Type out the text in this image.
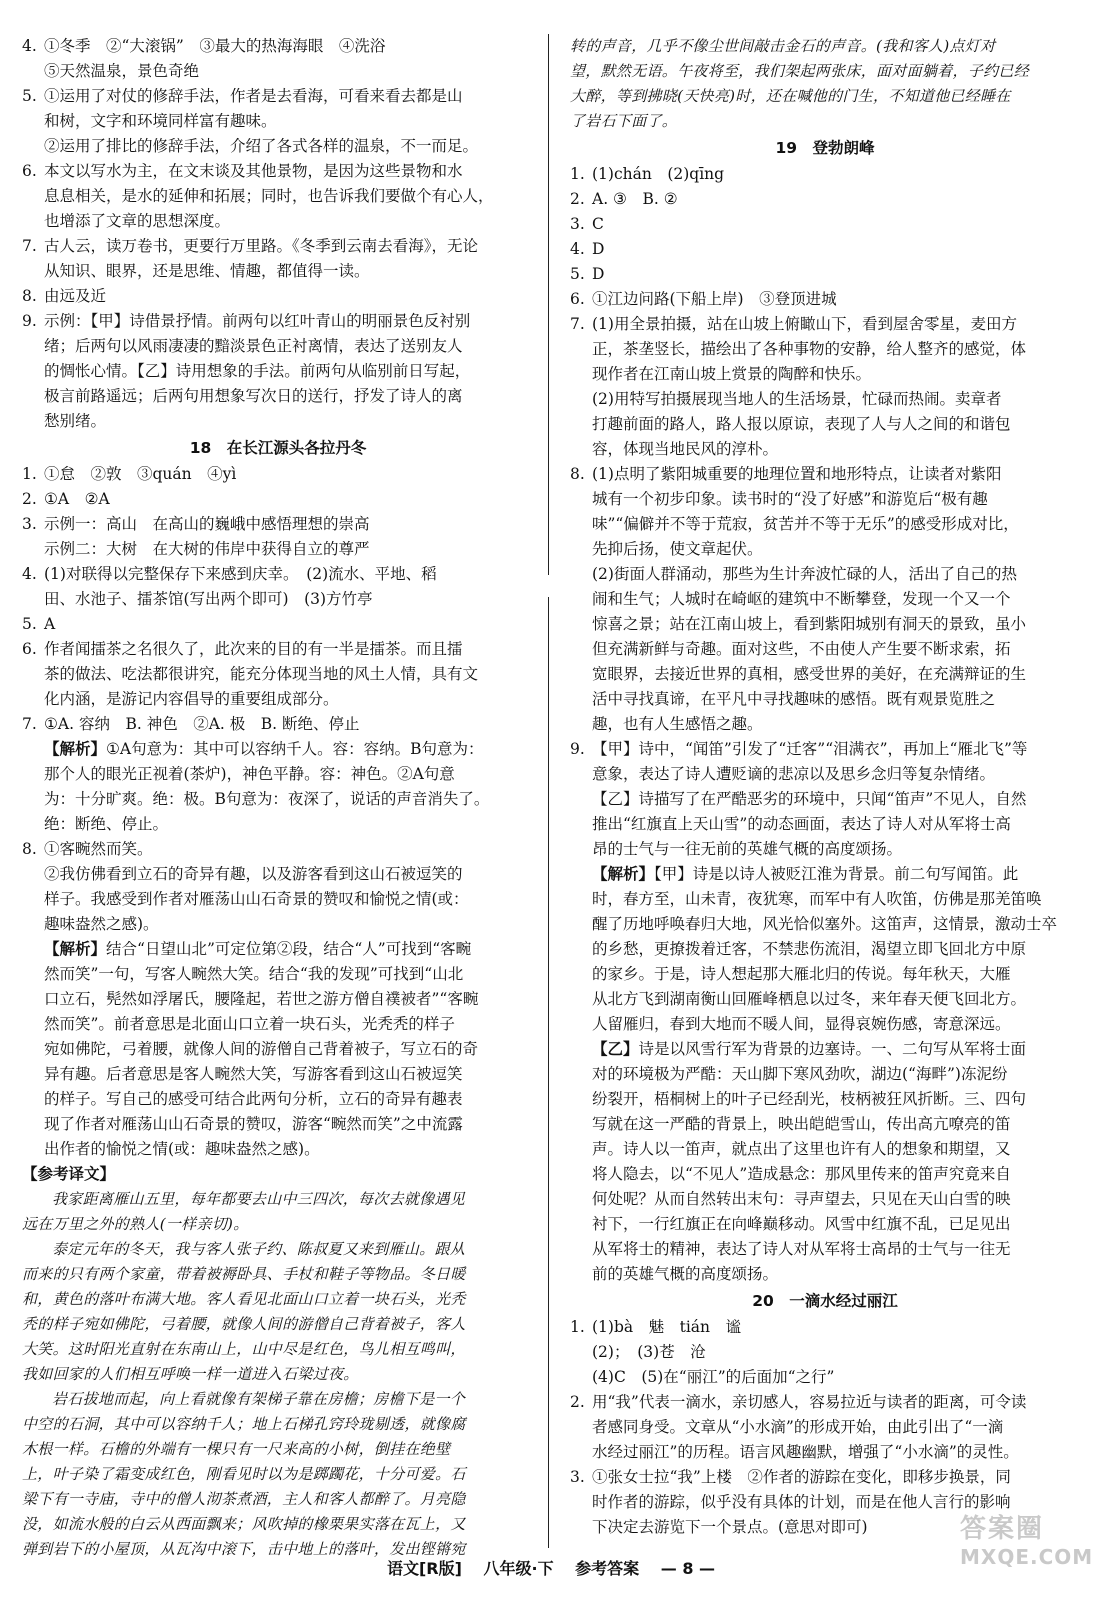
4. ①冬季　②“大滚锅”　③最大的热海海眼　④洗浴
⑤天然温泉，景色奇绝
5. ①运用了对仗的修辞手法，作者是去看海，可看来看去都是山
和树，文字和环境同样富有趣味。
②运用了排比的修辞手法，介绍了各式各样的温泉，不一而足。
6. 本文以写水为主，在文末谈及其他景物，是因为这些景物和水
息息相关，是水的延伸和拓展；同时，也告诉我们要做个有心人，
也增添了文章的思想深度。
7. 古人云，读万卷书，更要行万里路。《冬季到云南去看海》，无论
从知识、眼界，还是思维、情趣，都值得一读。
8. 由远及近
9. 示例：【甲】诗借景抒情。前两句以红叶青山的明丽景色反衬别
绪；后两句以风雨凄凄的黯淡景色正衬离情，表达了送别友人
的惆怅心情。【乙】诗用想象的手法。前两句从临别前日写起，
极言前路遥远；后两句用想象写次日的送行，抒发了诗人的离
愁别绪。
18　在长江源头各拉丹冬
1. ①怠　②敦　③quán　④yì
2. ①A　②A
3. 示例一：高山　在高山的巍峨中感悟理想的崇高
示例二：大树　在大树的伟岸中获得自立的尊严
4. (1)对联得以完整保存下来感到庆幸。　(2)流水、平地、稻
田、水池子、擂茶馆(写出两个即可)　(3)方竹亭
5. A
6. 作者闻擂茶之名很久了，此次来的目的有一半是擂茶。而且擂
茶的做法、吃法都很讲究，能充分体现当地的风土人情，具有文
化内涵，是游记内容倡导的重要组成部分。
7. ①A. 容纳　B. 神色　②A. 极　B. 断绝、停止
【解析】①A句意为：其中可以容纳千人。容：容纳。B句意为：
那个人的眼光正视着(茶炉)，神色平静。容：神色。②A句意
为：十分旷爽。绝：极。B句意为：夜深了，说话的声音消失了。
绝：断绝、停止。
8. ①客畹然而笑。
②我仿佛看到立石的奇异有趣，以及游客看到这山石被逗笑的
样子。我感受到作者对雁荡山山石奇景的赞叹和愉悦之情(或：
趣味盎然之感)。
【解析】结合“日望山北”可定位第②段，结合“人”可找到“客畹
然而笑”一句，写客人畹然大笑。结合“我的发现”可找到“山北
口立石，髡然如浮屠氏，腰隆起，若世之游方僧自襆被者”“客畹
然而笑”。前者意思是北面山口立着一块石头，光秃秃的样子
宛如佛陀，弓着腰，就像人间的游僧自己背着被子，写立石的奇
异有趣。后者意思是客人畹然大笑，写游客看到这山石被逗笑
的样子。写自己的感受可结合此两句分析，立石的奇异有趣表
现了作者对雁荡山山石奇景的赞叹，游客“畹然而笑”之中流露
出作者的愉悦之情(或：趣味盎然之感)。
【参考译文】
我家距离雁山五里，每年都要去山中三四次，每次去就像遇见
远在万里之外的熟人(一样亲切)。
泰定元年的冬天，我与客人张子约、陈叔夏又来到雁山。跟从
而来的只有两个家童，带着被褥卧具、手杖和鞋子等物品。冬日暖
和，黄色的落叶布满大地。客人看见北面山口立着一块石头，光秃
秃的样子宛如佛陀，弓着腰，就像人间的游僧自己背着被子，客人
大笑。这时阳光直射在东南山上，山中尽是红色，鸟儿相互鸣叫，
我如回家的人们相互呼唤一样一道进入石梁过夜。
岩石拔地而起，向上看就像有架梯子靠在房檐；房檐下是一个
中空的石洞，其中可以容纳千人；地上石梯孔窍玲珑剔透，就像腐
木根一样。石檐的外端有一棵只有一尺来高的小树，倒挂在绝壁
上，叶子染了霜变成红色，刚看见时以为是踯躅花，十分可爱。石
梁下有一寺庙，寺中的僧人沏茶煮酒，主人和客人都醉了。月亮隐
没，如流水般的白云从西面飘来；风吹掉的橡栗果实落在瓦上，又
弹到岩下的小屋顶，从瓦沟中滚下，击中地上的落叶，发出铿锵宛
转的声音，几乎不像尘世间敲击金石的声音。(我和客人)点灯对
望，默然无语。午夜将至，我们架起两张床，面对面躺着，子约已经
大醉，等到拂晓(天快亮)时，还在喊他的门生，不知道他已经睡在
了岩石下面了。
19　登勃朗峰
1. (1)chán　(2)qīng
2. A. ③　B. ②
3. C
4. D
5. D
6. ①江边问路(下船上岸)　③登顶进城
7. (1)用全景拍摄，站在山坡上俯瞰山下，看到屋舍零星，麦田方
正，茶垄竖长，描绘出了各种事物的安静，给人整齐的感觉，体
现作者在江南山坡上赏景的陶醉和快乐。
(2)用特写拍摄展现当地人的生活场景，忙碌而热闹。卖章者
打趣前面的路人，路人报以原谅，表现了人与人之间的和谐包
容，体现当地民风的淳朴。
8. (1)点明了紫阳城重要的地理位置和地形特点，让读者对紫阳
城有一个初步印象。读书时的“没了好感”和游览后“极有趣
味”“偏僻并不等于荒寂，贫苦并不等于无乐”的感受形成对比，
先抑后扬，使文章起伏。
(2)街面人群涌动，那些为生计奔波忙碌的人，活出了自己的热
闹和生气；人城时在崎岖的建筑中不断攀登，发现一个又一个
惊喜之景；站在江南山坡上，看到紫阳城别有洞天的景致，虽小
但充满新鲜与奇趣。面对这些，不由使人产生要不断求索，拓
宽眼界，去接近世界的真相，感受世界的美好，在充满辩证的生
活中寻找真谛，在平凡中寻找趣味的感悟。既有观景览胜之
趣，也有人生感悟之趣。
9. 【甲】诗中，“闻笛”引发了“迁客”“泪满衣”，再加上“雁北飞”等
意象，表达了诗人遭贬谪的悲凉以及思乡念归等复杂情绪。
【乙】诗描写了在严酷恶劣的环境中，只闻“笛声”不见人，自然
推出“红旗直上天山雪”的动态画面，表达了诗人对从军将士高
昂的士气与一往无前的英雄气概的高度颂扬。
【解析】【甲】诗是以诗人被贬江淮为背景。前二句写闻笛。此
时，春方至，山未青，夜犹寒，而军中有人吹笛，仿佛是那羌笛唤
醒了历地呼唤春归大地，风光恰似塞外。这笛声，这情景，激动士卒
的乡愁，更撩拨着迁客，不禁悲伤流泪，渴望立即飞回北方中原
的家乡。于是，诗人想起那大雁北归的传说。每年秋天，大雁
从北方飞到湖南衡山回雁峰栖息以过冬，来年春天便飞回北方。
人留雁归，春到大地而不暖人间，显得哀婉伤感，寄意深远。
【乙】诗是以风雪行军为背景的边塞诗。一、二句写从军将士面
对的环境极为严酷：天山脚下寒风劲吹，湖边(“海畔”)冻泥纷
纷裂开，梧桐树上的叶子已经刮光，枝柄被狂风折断。三、四句
写就在这一严酷的背景上，映出皑皑雪山，传出高亢嘹亮的笛
声。诗人以一笛声，就点出了这里也许有人的想象和期望，又
将人隐去，以“不见人”造成悬念：那风里传来的笛声究竟来自
何处呢？从而自然转出末句：寻声望去，只见在天山白雪的映
衬下，一行红旗正在向峰巅移动。风雪中红旗不乱，已足见出
从军将士的精神，表达了诗人对从军将士高昂的士气与一往无
前的英雄气概的高度颂扬。
20　一滴水经过丽江
1. (1)bà　魅　tián　谧
(2)；　(3)苍　沧
(4)C　(5)在“丽江”的后面加“之行”
2. 用“我”代表一滴水，亲切感人，容易拉近与读者的距离，可令读
者感同身受。文章从“小水滴”的形成开始，由此引出了“一滴
水经过丽江”的历程。语言风趣幽默，增强了“小水滴”的灵性。
3. ①张女士拉“我”上楼　②作者的游踪在变化，即移步换景，同
时作者的游踪，似乎没有具体的计划，而是在他人言行的影响
下决定去游览下一个景点。(意思对即可)
语文[R版] 八年级·下 参考答案 — 8 —
答案圈
MXQE.COM
